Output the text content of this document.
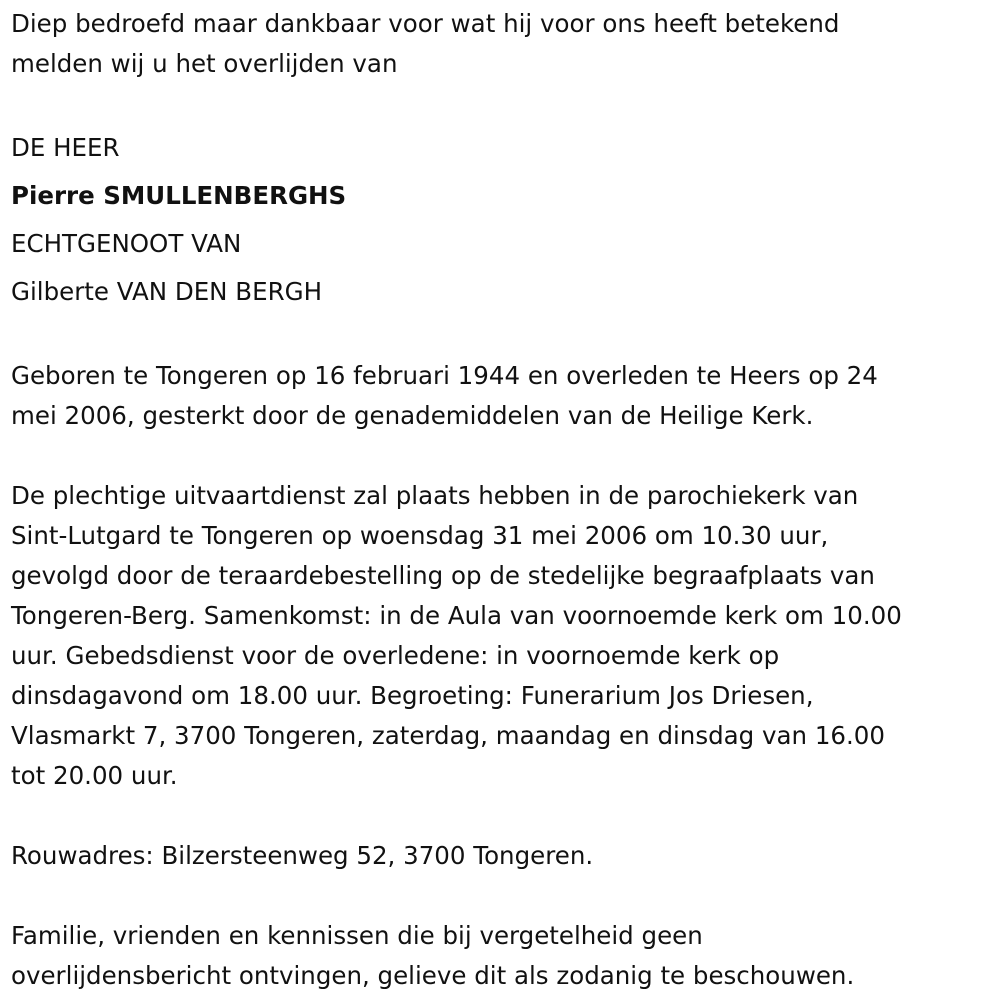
Diep bedroefd maar dankbaar voor wat hij voor ons heeft betekend
melden wij u het overlijden van
DE HEER
Pierre SMULLENBERGHS
ECHTGENOOT VAN
Gilberte VAN DEN BERGH
Geboren te Tongeren op 16 februari 1944 en overleden te Heers op 24
mei 2006, gesterkt door de genademiddelen van de Heilige Kerk.
De plechtige uitvaartdienst zal plaats hebben in de parochiekerk van
Sint-Lutgard te Tongeren op woensdag 31 mei 2006 om 10.30 uur,
gevolgd door de teraardebestelling op de stedelijke begraafplaats van
Tongeren-Berg. Samenkomst: in de Aula van voornoemde kerk om 10.00
uur. Gebedsdienst voor de overledene: in voornoemde kerk op
dinsdagavond om 18.00 uur. Begroeting: Funerarium Jos Driesen,
Vlasmarkt 7, 3700 Tongeren, zaterdag, maandag en dinsdag van 16.00
tot 20.00 uur.
Rouwadres: Bilzersteenweg 52, 3700 Tongeren.
Familie, vrienden en kennissen die bij vergetelheid geen
overlijdensbericht ontvingen, gelieve dit als zodanig te beschouwen.
